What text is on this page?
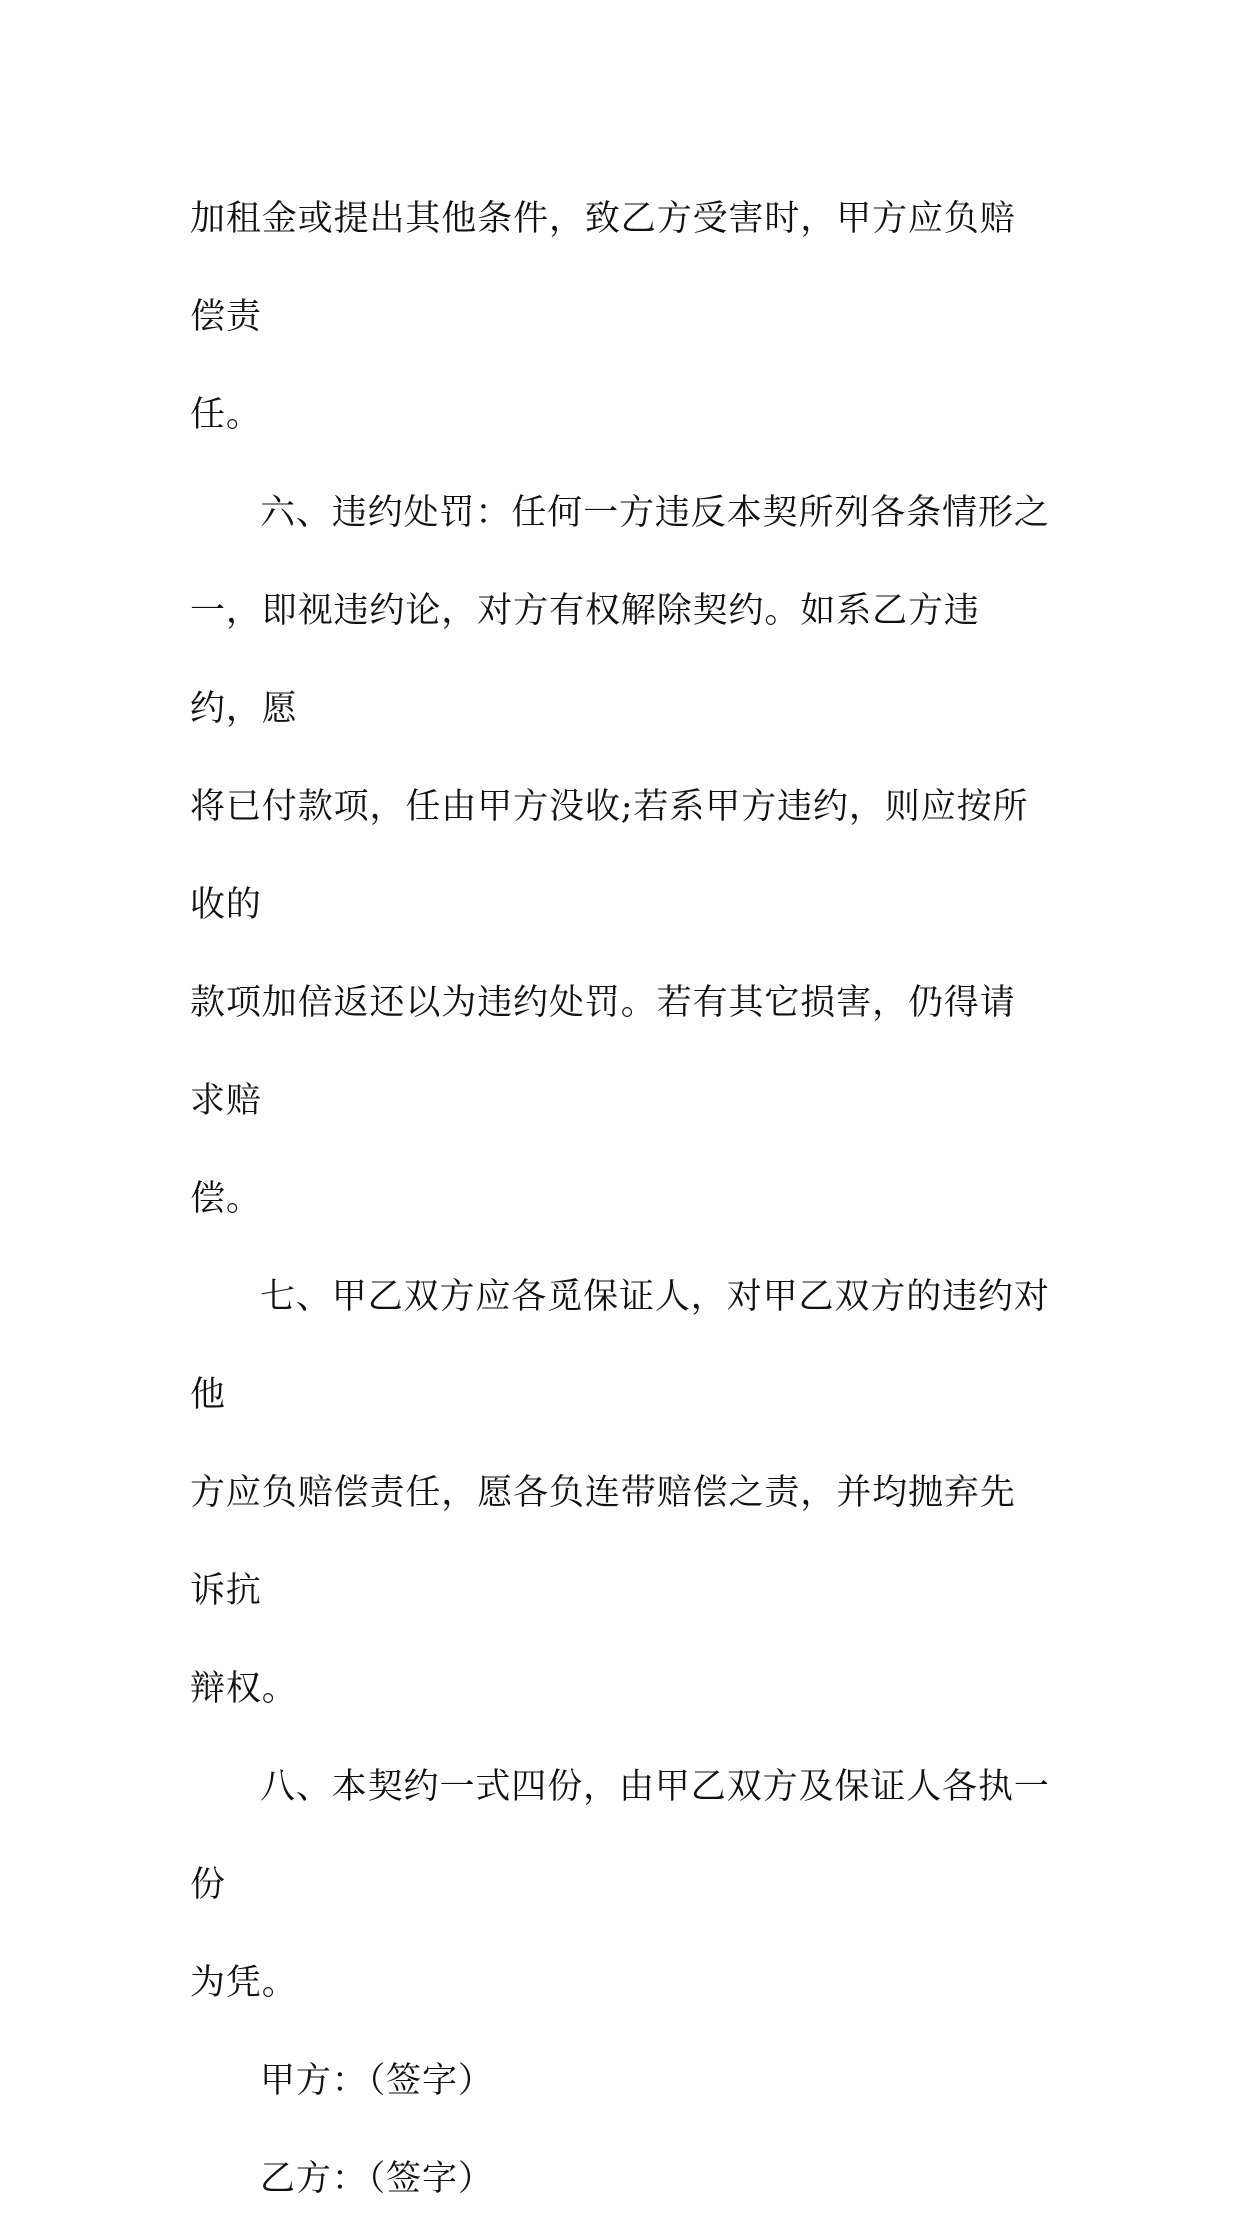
加租金或提出其他条件，致乙方受害时，甲方应负赔偿责
任。
六、违约处罚：任何一方违反本契所列各条情形之
一，即视违约论，对方有权解除契约。如系乙方违约，愿
将已付款项，任由甲方没收;若系甲方违约，则应按所收的
款项加倍返还以为违约处罚。若有其它损害，仍得请求赔
偿。
七、甲乙双方应各觅保证人，对甲乙双方的违约对他
方应负赔偿责任，愿各负连带赔偿之责，并均抛弃先诉抗
辩权。
八、本契约一式四份，由甲乙双方及保证人各执一份
为凭。
甲方：（签字）
乙方：（签字）
